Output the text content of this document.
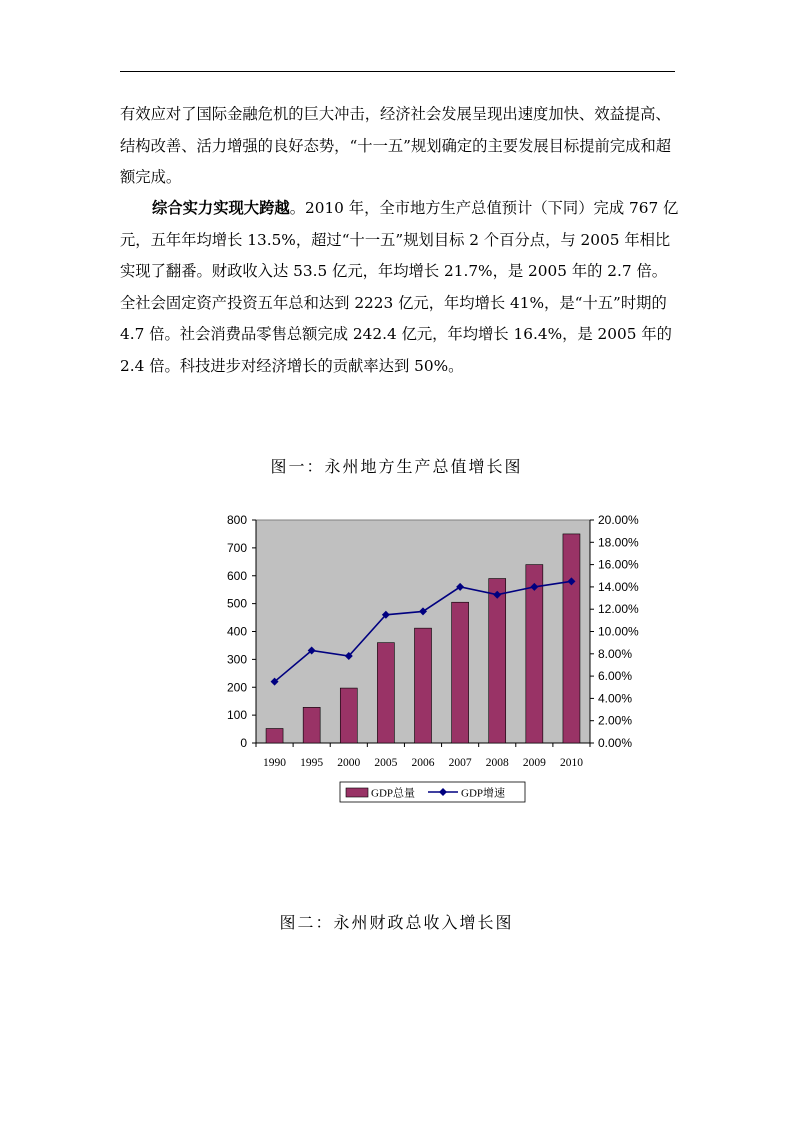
有效应对了国际金融危机的巨大冲击，经济社会发展呈现出速度加快、效益提高、结构改善、活力增强的良好态势，“十一五”规划确定的主要发展目标提前完成和超额完成。

综合实力实现大跨越。2010 年，全市地方生产总值预计（下同）完成 767 亿元，五年年均增长 13.5%，超过“十一五”规划目标 2 个百分点，与 2005 年相比实现了翻番。财政收入达 53.5 亿元，年均增长 21.7%，是 2005 年的 2.7 倍。全社会固定资产投资五年总和达到 2223 亿元，年均增长 41%，是“十五”时期的 4.7 倍。社会消费品零售总额完成 242.4 亿元，年均增长 16.4%，是 2005 年的 2.4 倍。科技进步对经济增长的贡献率达到 50%。

图一：永州地方生产总值增长图
0
100
200
300
400
500
600
700
800
0.00%
2.00%
4.00%
6.00%
8.00%
10.00%
12.00%
14.00%
16.00%
18.00%
20.00%
1990 1995 2000 2005 2006 2007 2008 2009 2010
GDP总量	GDP增速
图二：永州财政总收入增长图
